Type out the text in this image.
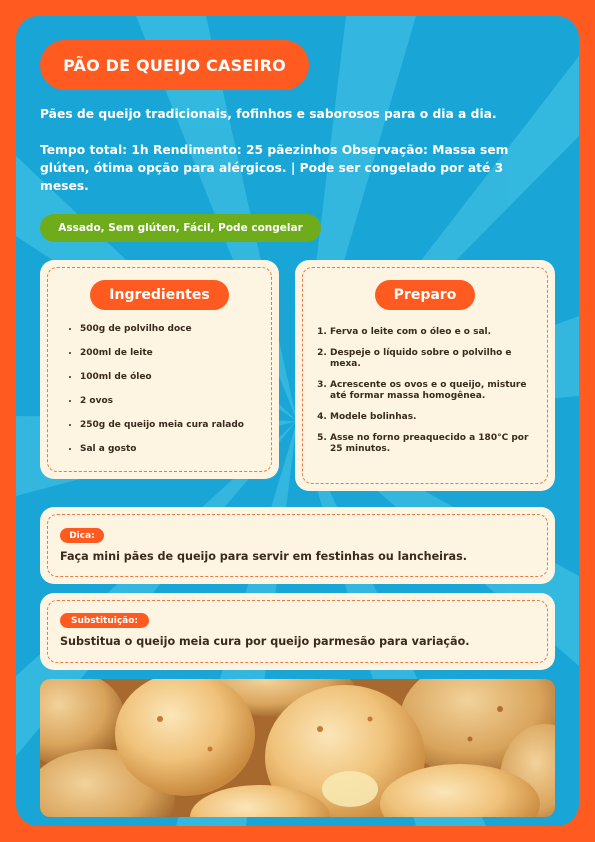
PÃO DE QUEIJO CASEIRO
Pães de queijo tradicionais, fofinhos e saborosos para o dia a dia.
Tempo total: 1h Rendimento: 25 pãezinhos Observação: Massa sem glúten, ótima opção para alérgicos. | Pode ser congelado por até 3 meses.
Assado, Sem glúten, Fácil, Pode congelar
Ingredientes
• 500g de polvilho doce
• 200ml de leite
• 100ml de óleo
• 2 ovos
• 250g de queijo meia cura ralado
• Sal a gosto
Preparo
1. Ferva o leite com o óleo e o sal.
2. Despeje o líquido sobre o polvilho e mexa.
3. Acrescente os ovos e o queijo, misture até formar massa homogênea.
4. Modele bolinhas.
5. Asse no forno preaquecido a 180°C por 25 minutos.
Dica:
Faça mini pães de queijo para servir em festinhas ou lancheiras.
Substituição:
Substitua o queijo meia cura por queijo parmesão para variação.
